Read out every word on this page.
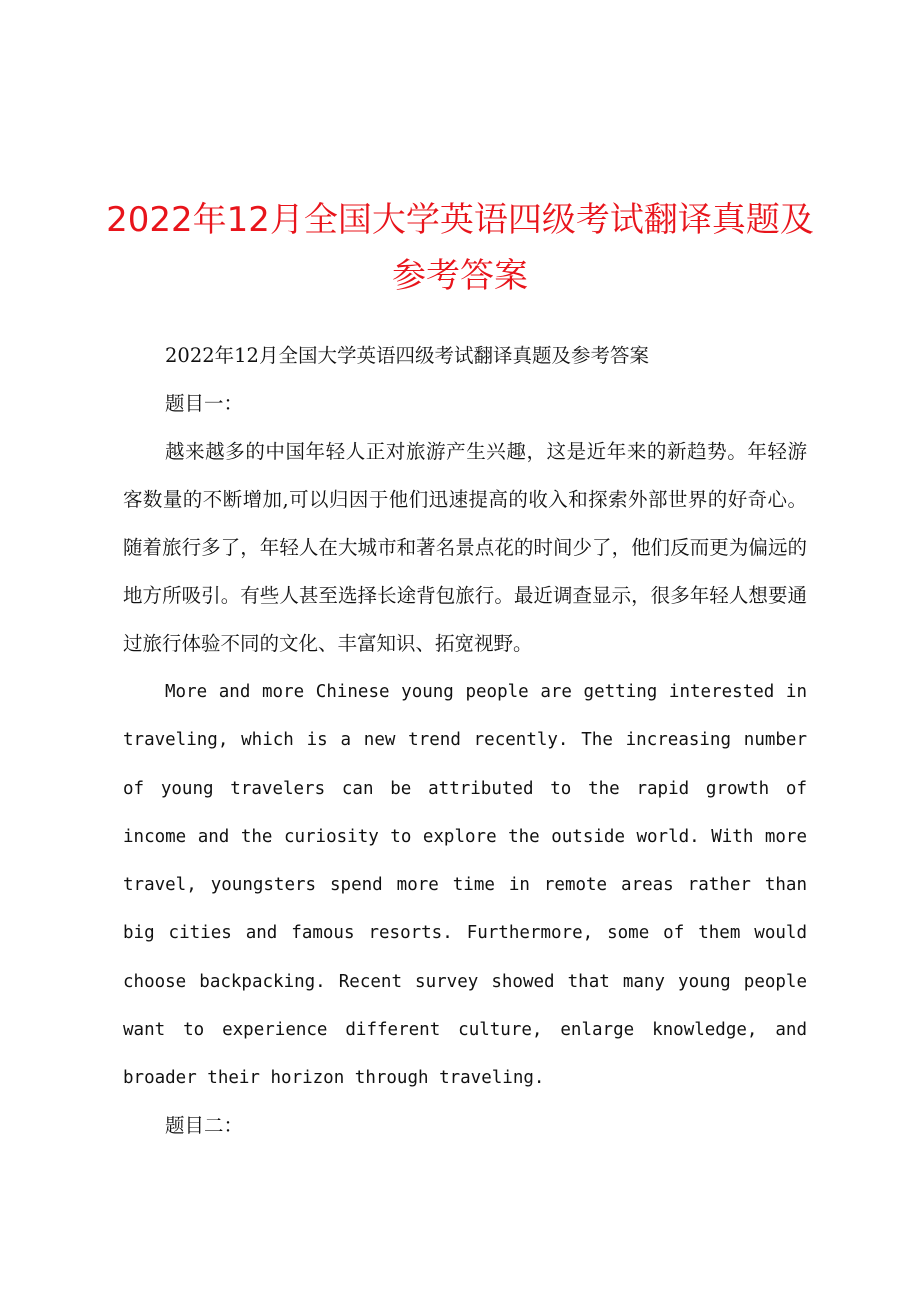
2022年12月全国大学英语四级考试翻译真题及参考答案

2022年12月全国大学英语四级考试翻译真题及参考答案

题目一：

越来越多的中国年轻人正对旅游产生兴趣，这是近年来的新趋势。年轻游客数量的不断增加,可以归因于他们迅速提高的收入和探索外部世界的好奇心。随着旅行多了，年轻人在大城市和著名景点花的时间少了，他们反而更为偏远的地方所吸引。有些人甚至选择长途背包旅行。最近调查显示，很多年轻人想要通过旅行体验不同的文化、丰富知识、拓宽视野。

More and more Chinese young people are getting interested in traveling, which is a new trend recently. The increasing number of young travelers can be attributed to the rapid growth of income and the curiosity to explore the outside world. With more travel, youngsters spend more time in remote areas rather than big cities and famous resorts. Furthermore, some of them would choose backpacking. Recent survey showed that many young people want to experience different culture, enlarge knowledge, and broader their horizon through traveling.

题目二：
